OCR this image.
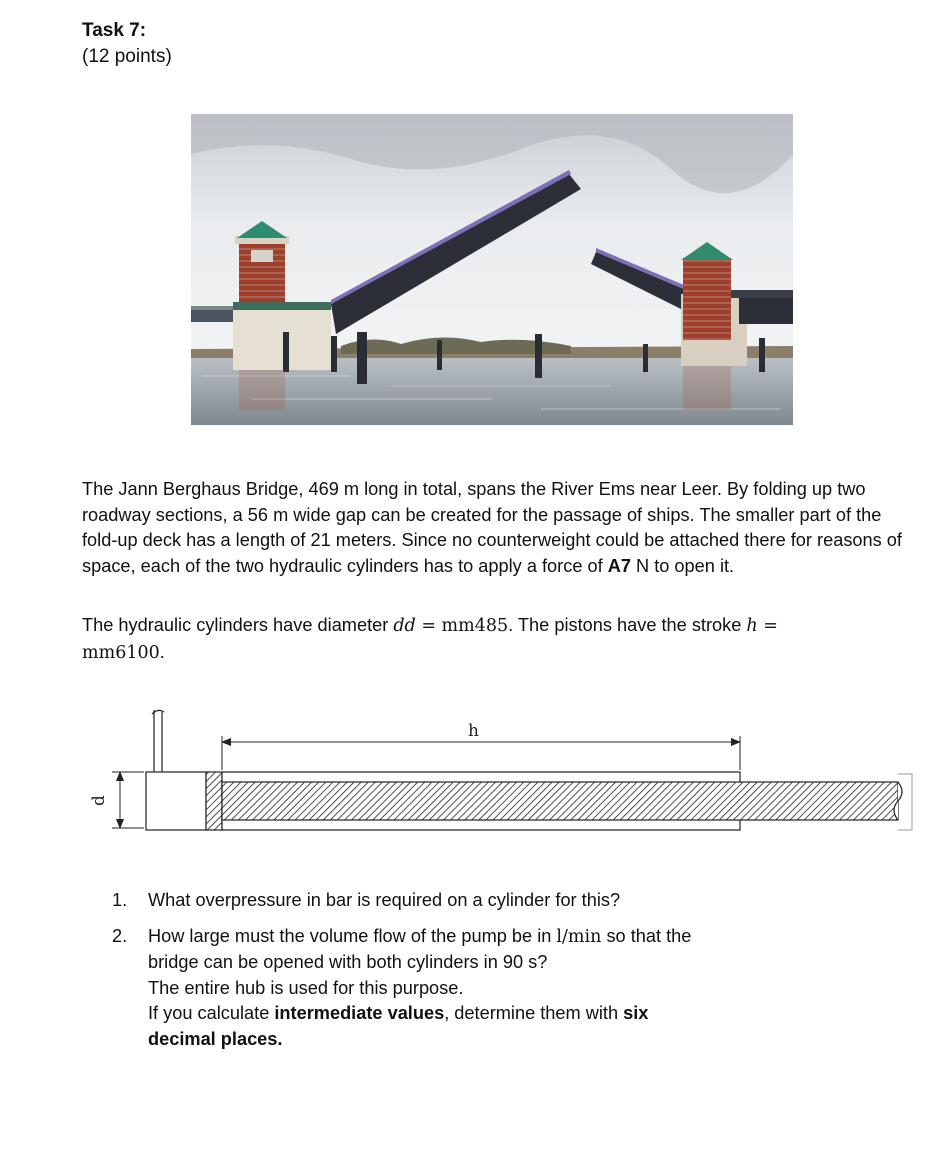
Task 7:
(12 points)

The Jann Berghaus Bridge, 469 m long in total, spans the River Ems near Leer. By folding up two roadway sections, a 56 m wide gap can be created for the passage of ships. The smaller part of the fold-up deck has a length of 21 meters. Since no counterweight could be attached there for reasons of space, each of the two hydraulic cylinders has to apply a force of A7 N to open it.

The hydraulic cylinders have diameter dd = mm485. The pistons have the stroke h =
mm6100.

h
d
1. What overpressure in bar is required on a cylinder for this?
2. How large must the volume flow of the pump be in l/min so that the
bridge can be opened with both cylinders in 90 s?
The entire hub is used for this purpose.
If you calculate intermediate values, determine them with six
decimal places.
